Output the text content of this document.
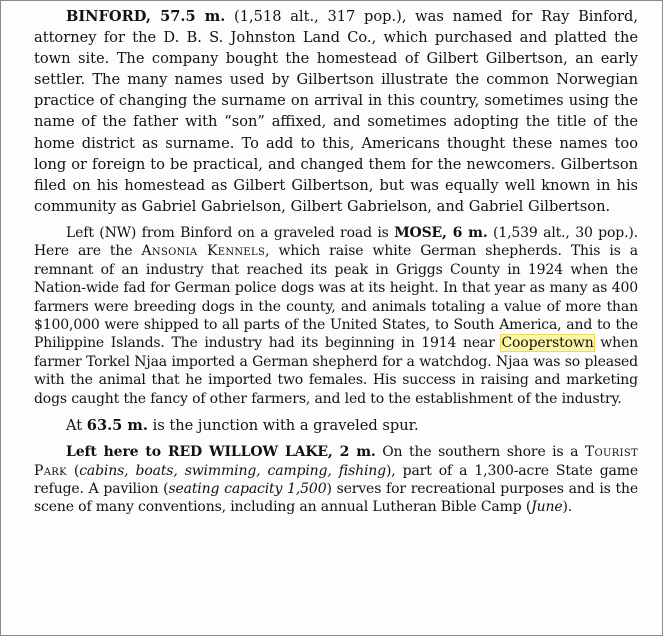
BINFORD, 57.5 m. (1,518 alt., 317 pop.), was named for Ray Binford, attorney for the D. B. S. Johnston Land Co., which purchased and platted the town site. The company bought the homestead of Gilbert Gilbertson, an early settler. The many names used by Gilbertson illustrate the common Norwegian practice of changing the surname on arrival in this country, sometimes using the name of the father with “son” affixed, and sometimes adopting the title of the home district as surname. To add to this, Americans thought these names too long or foreign to be practical, and changed them for the newcomers. Gilbertson filed on his homestead as Gilbert Gilbertson, but was equally well known in his community as Gabriel Gabrielson, Gilbert Gabrielson, and Gabriel Gilbertson.

Left (NW) from Binford on a graveled road is MOSE, 6 m. (1,539 alt., 30 pop.). Here are the Ansonia Kennels, which raise white German shepherds. This is a remnant of an industry that reached its peak in Griggs County in 1924 when the Nation-wide fad for German police dogs was at its height. In that year as many as 400 farmers were breeding dogs in the county, and animals totaling a value of more than $100,000 were shipped to all parts of the United States, to South America, and to the Philippine Islands. The industry had its beginning in 1914 near Cooperstown when farmer Torkel Njaa imported a German shepherd for a watchdog. Njaa was so pleased with the animal that he imported two females. His success in raising and marketing dogs caught the fancy of other farmers, and led to the establishment of the industry.

At 63.5 m. is the junction with a graveled spur.

Left here to RED WILLOW LAKE, 2 m. On the southern shore is a Tourist Park (cabins, boats, swimming, camping, fishing), part of a 1,300-acre State game refuge. A pavilion (seating capacity 1,500) serves for recreational purposes and is the scene of many conventions, including an annual Lutheran Bible Camp (June).
